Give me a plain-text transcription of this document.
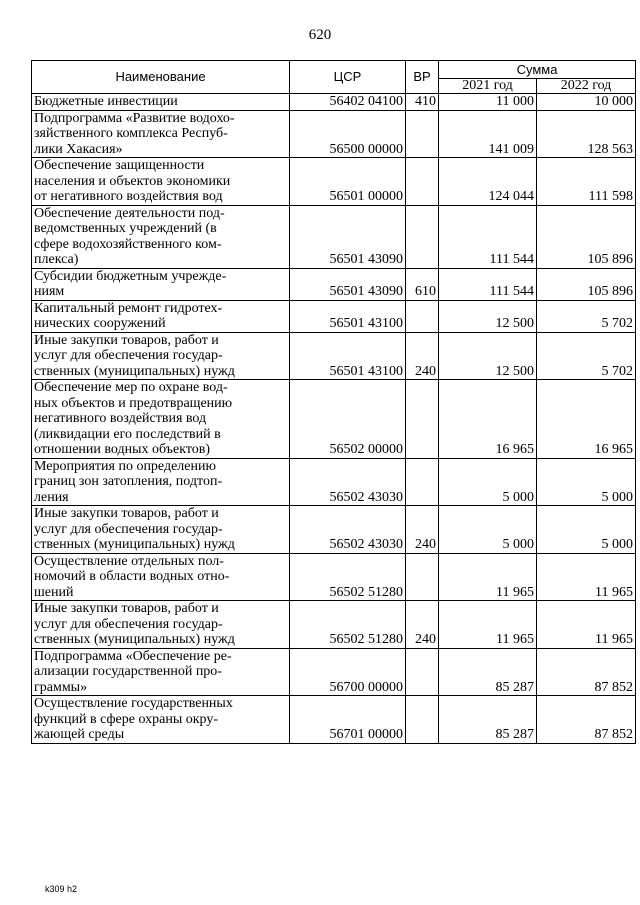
620
Наименование	ЦСР	ВР	Сумма	
			2021 год	2022 год
Бюджетные инвестиции	56402 04100	410	11 000	10 000
Подпрограмма «Развитие водохо-
зяйственного комплекса Респуб-
лики Хакасия»	56500 00000		141 009	128 563
Обеспечение защищенности
населения и объектов экономики
от негативного воздействия вод	56501 00000		124 044	111 598
Обеспечение деятельности под-
ведомственных учреждений (в
сфере водохозяйственного ком-
плекса)	56501 43090		111 544	105 896
Субсидии бюджетным учрежде-
ниям	56501 43090	610	111 544	105 896
Капитальный ремонт гидротех-
нических сооружений	56501 43100		12 500	5 702
Иные закупки товаров, работ и
услуг для обеспечения государ-
ственных (муниципальных) нужд	56501 43100	240	12 500	5 702
Обеспечение мер по охране вод-
ных объектов и предотвращению
негативного воздействия вод
(ликвидации его последствий в
отношении водных объектов)	56502 00000		16 965	16 965
Мероприятия по определению
границ зон затопления, подтоп-
ления	56502 43030		5 000	5 000
Иные закупки товаров, работ и
услуг для обеспечения государ-
ственных (муниципальных) нужд	56502 43030	240	5 000	5 000
Осуществление отдельных пол-
номочий в области водных отно-
шений	56502 51280		11 965	11 965
Иные закупки товаров, работ и
услуг для обеспечения государ-
ственных (муниципальных) нужд	56502 51280	240	11 965	11 965
Подпрограмма «Обеспечение ре-
ализации государственной про-
граммы»	56700 00000		85 287	87 852
Осуществление государственных
функций в сфере охраны окру-
жающей среды	56701 00000		85 287	87 852
k309 h2
